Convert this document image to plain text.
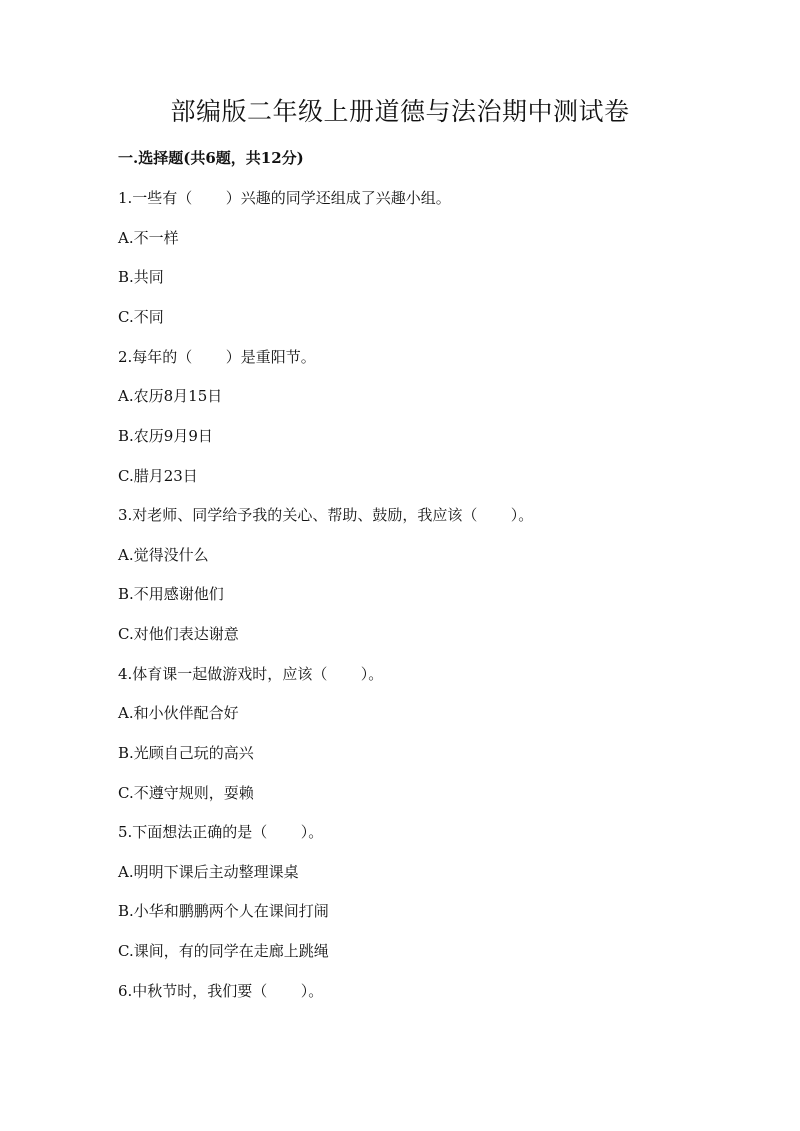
部编版二年级上册道德与法治期中测试卷
一.选择题(共6题，共12分)
1.一些有（       ）兴趣的同学还组成了兴趣小组。
A.不一样
B.共同
C.不同
2.每年的（       ）是重阳节。
A.农历8月15日
B.农历9月9日
C.腊月23日
3.对老师、同学给予我的关心、帮助、鼓励，我应该（       ）。
A.觉得没什么
B.不用感谢他们
C.对他们表达谢意
4.体育课一起做游戏时，应该（       ）。
A.和小伙伴配合好
B.光顾自己玩的高兴
C.不遵守规则，耍赖
5.下面想法正确的是（       ）。
A.明明下课后主动整理课桌
B.小华和鹏鹏两个人在课间打闹
C.课间，有的同学在走廊上跳绳
6.中秋节时，我们要（       ）。
